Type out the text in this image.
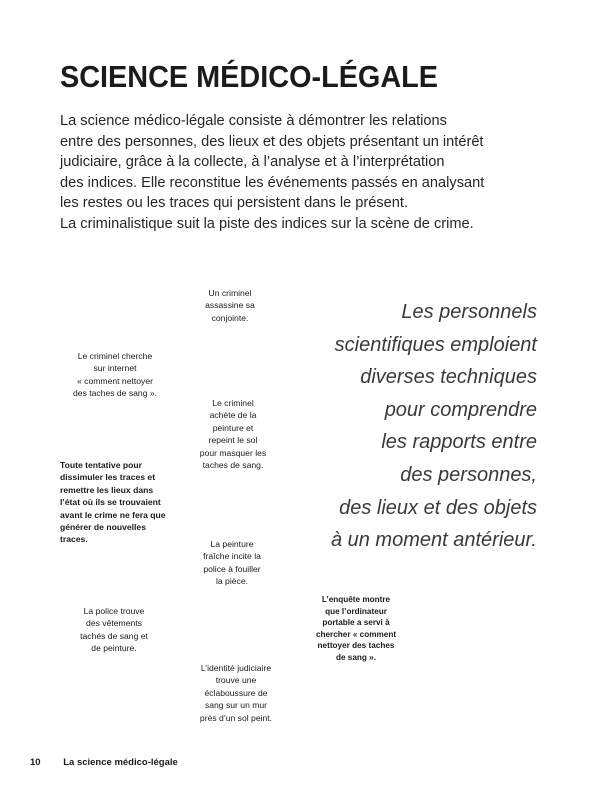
SCIENCE MÉDICO-LÉGALE
La science médico-légale consiste à démontrer les relations
entre des personnes, des lieux et des objets présentant un intérêt
judiciaire, grâce à la collecte, à l’analyse et à l’interprétation
des indices. Elle reconstitue les événements passés en analysant
les restes ou les traces qui persistent dans le présent.
La criminalistique suit la piste des indices sur la scène de crime.
Un criminel
assassine sa
conjointe.
Le criminel cherche
sur internet
« comment nettoyer
des taches de sang ».
Le criminel
achète de la
peinture et
repeint le sol
pour masquer les
taches de sang.
Toute tentative pour
dissimuler les traces et
remettre les lieux dans
l’état où ils se trouvaient
avant le crime ne fera que
générer de nouvelles
traces.	La peinture
fraîche incite la
police à fouiller
la pièce.
La police trouve
des vêtements
tachés de sang et
de peinture.
L’enquête montre
que l’ordinateur
portable a servi à
chercher « comment
nettoyer des taches
de sang ».
L’identité judiciaire
trouve une
éclaboussure de
sang sur un mur
près d’un sol peint.
Les personnels
scientifiques emploient
diverses techniques
pour comprendre
les rapports entre
des personnes,
des lieux et des objets
à un moment antérieur.
10 La science médico-légale
